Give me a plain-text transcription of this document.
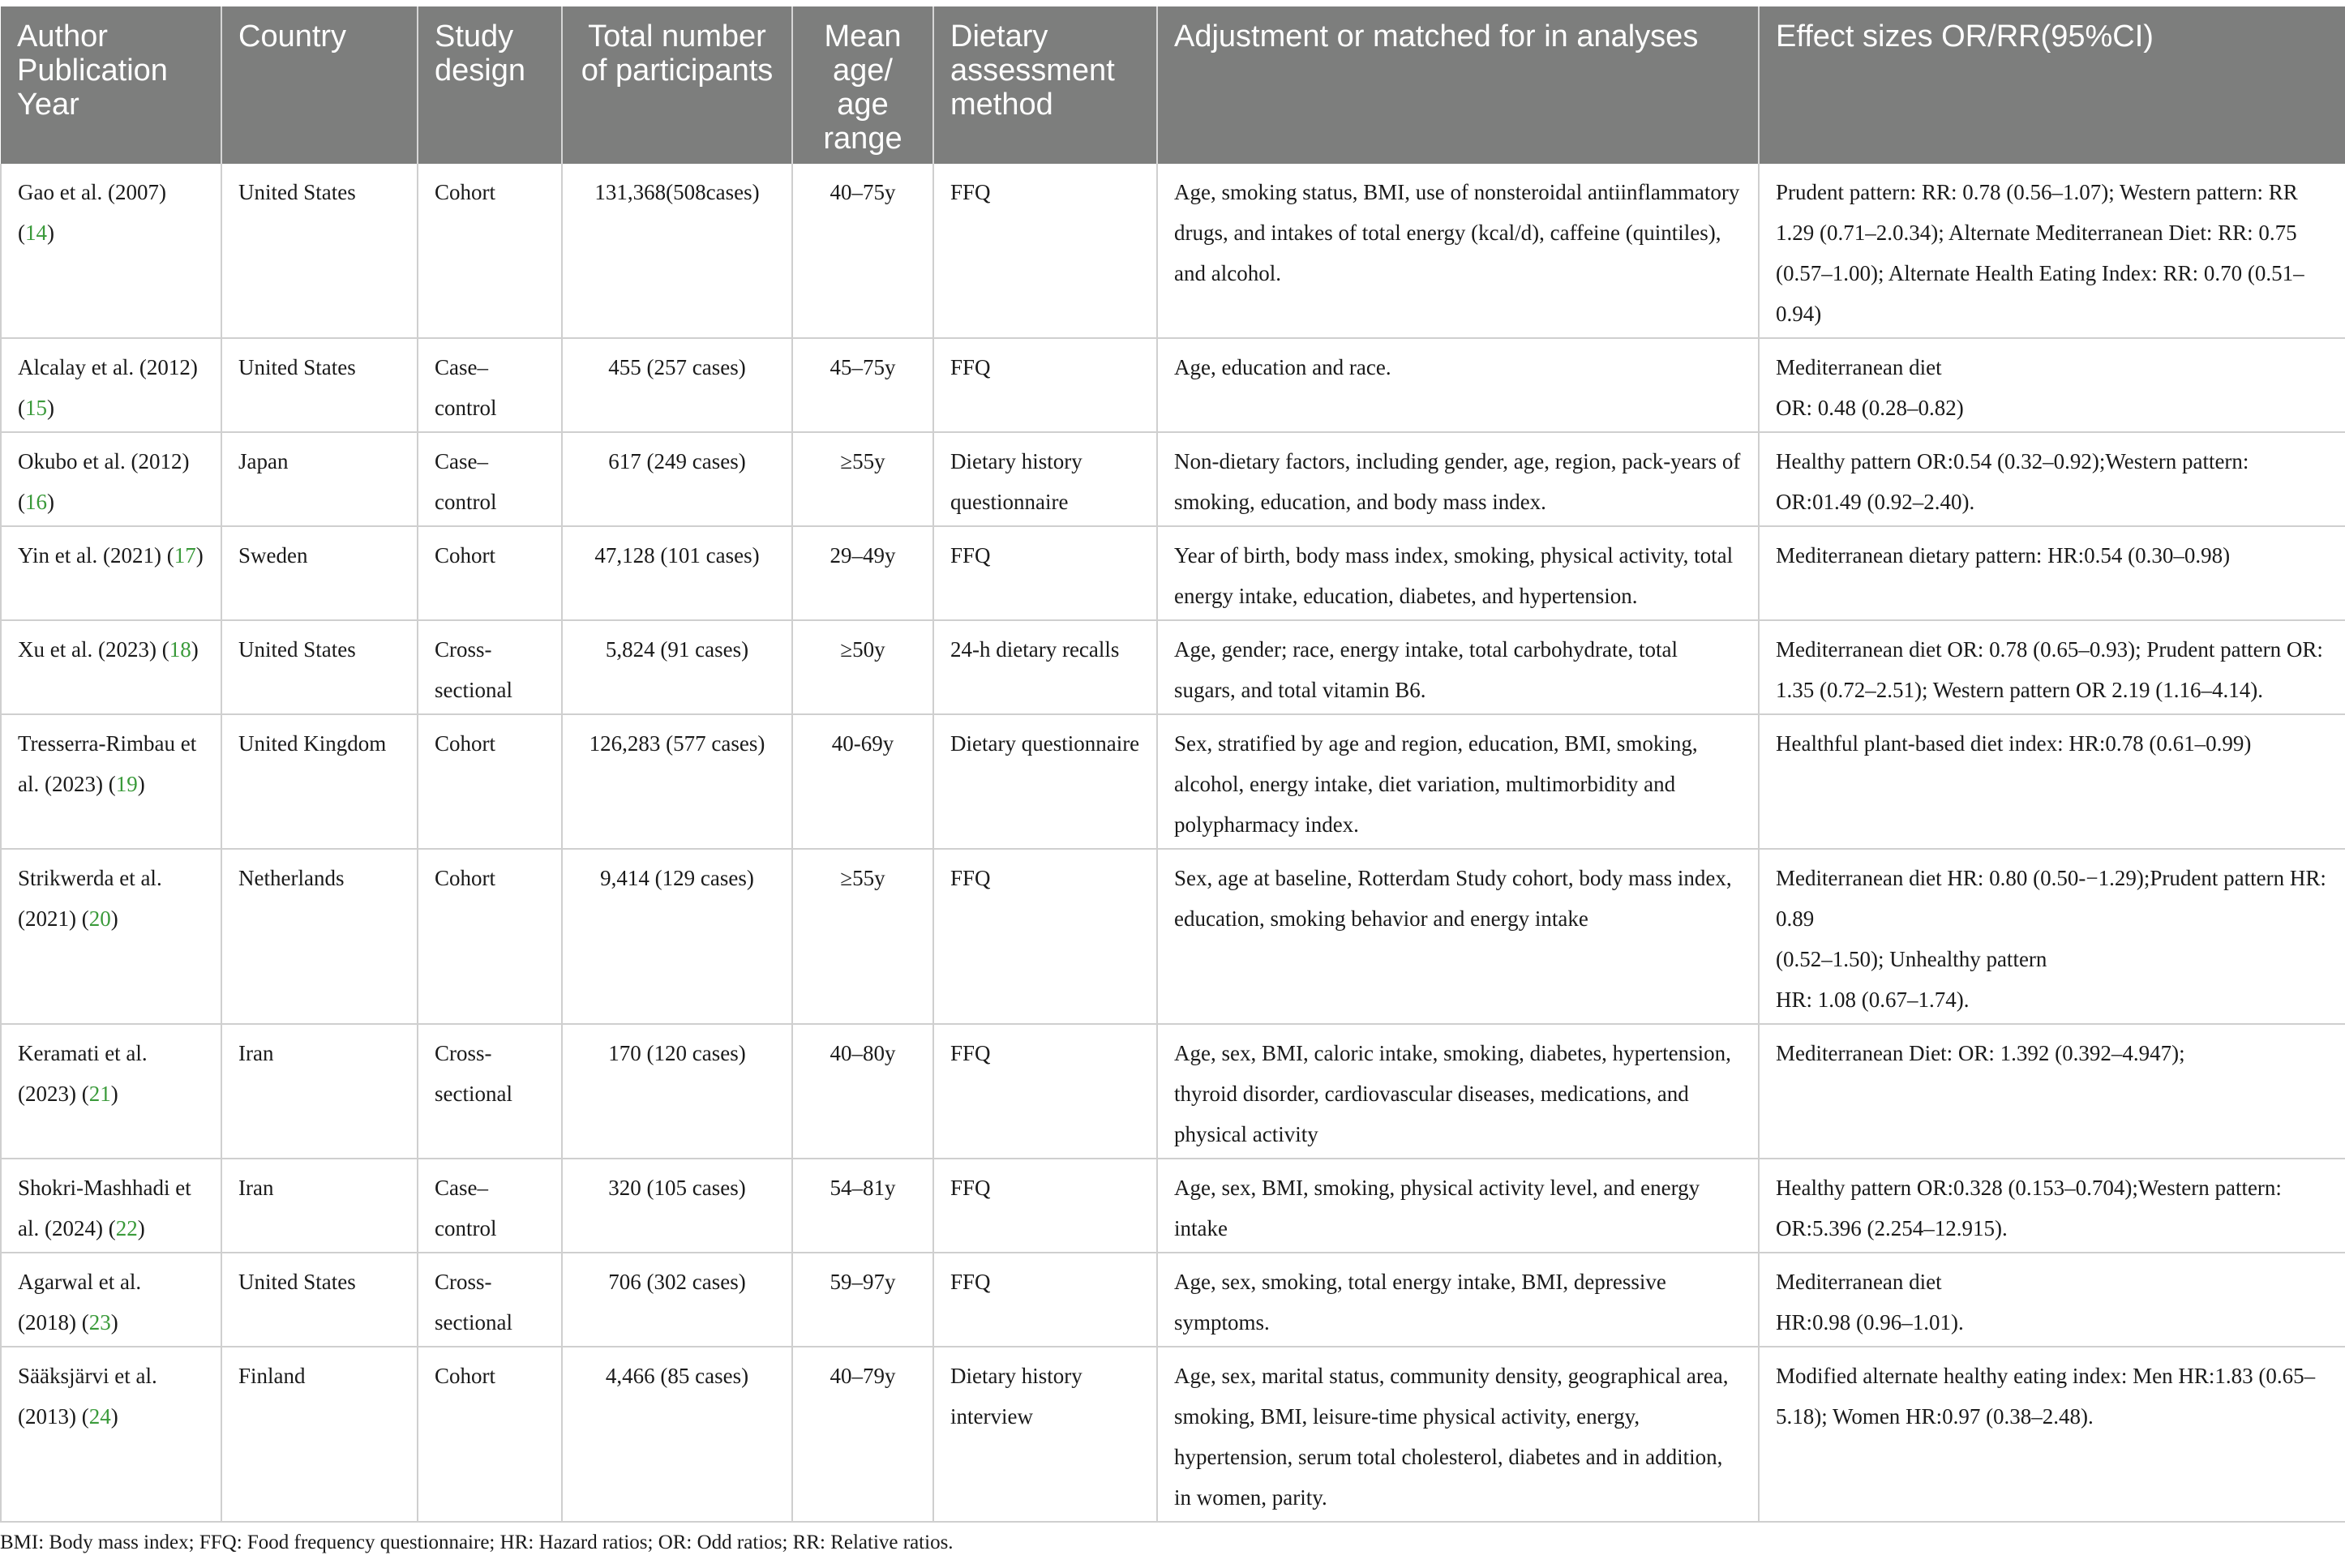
Author Publication Year	Country	Study design	Total number of participants	Mean age/ age range	Dietary assessment method	Adjustment or matched for in analyses	Effect sizes OR/RR(95%CI)
Gao et al. (2007) (14)	United States	Cohort	131,368(508cases)	40–75y	FFQ	Age, smoking status, BMI, use of nonsteroidal antiinflammatory drugs, and intakes of total energy (kcal/d), caffeine (quintiles), and alcohol.	Prudent pattern: RR: 0.78 (0.56–1.07); Western pattern: RR 1.29 (0.71–2.0.34); Alternate Mediterranean Diet: RR: 0.75 (0.57–1.00); Alternate Health Eating Index: RR: 0.70 (0.51–0.94)
Alcalay et al. (2012) (15)	United States	Case–control	455 (257 cases)	45–75y	FFQ	Age, education and race.	Mediterranean diet
OR: 0.48 (0.28–0.82)

Okubo et al. (2012) (16)	Japan	Case–control	617 (249 cases)	≥55y	Dietary history questionnaire	Non-dietary factors, including gender, age, region, pack-years of smoking, education, and body mass index.	Healthy pattern OR:0.54 (0.32–0.92);Western pattern: OR:01.49 (0.92–2.40).
Yin et al. (2021) (17)	Sweden	Cohort	47,128 (101 cases)	29–49y	FFQ	Year of birth, body mass index, smoking, physical activity, total energy intake, education, diabetes, and hypertension.	Mediterranean dietary pattern: HR:0.54 (0.30–0.98)
Xu et al. (2023) (18)	United States	Cross-sectional	5,824 (91 cases)	≥50y	24-h dietary recalls	Age, gender; race, energy intake, total carbohydrate, total sugars, and total vitamin B6.	Mediterranean diet OR: 0.78 (0.65–0.93); Prudent pattern OR: 1.35 (0.72–2.51); Western pattern OR 2.19 (1.16–4.14).
Tresserra-Rimbau et al. (2023) (19)	United Kingdom	Cohort	126,283 (577 cases)	40-69y	Dietary questionnaire	Sex, stratified by age and region, education, BMI, smoking, alcohol, energy intake, diet variation, multimorbidity and polypharmacy index.	Healthful plant-based diet index: HR:0.78 (0.61–0.99)
Strikwerda et al. (2021) (20)	Netherlands	Cohort	9,414 (129 cases)	≥55y	FFQ	Sex, age at baseline, Rotterdam Study cohort, body mass index, education, smoking behavior and energy intake	Mediterranean diet HR: 0.80 (0.50-−1.29);Prudent pattern HR: 0.89
(0.52–1.50); Unhealthy pattern
HR: 1.08 (0.67–1.74).

Keramati et al. (2023) (21)	Iran	Cross-sectional	170 (120 cases)	40–80y	FFQ	Age, sex, BMI, caloric intake, smoking, diabetes, hypertension, thyroid disorder, cardiovascular diseases, medications, and physical activity	Mediterranean Diet: OR: 1.392 (0.392–4.947);
Shokri-Mashhadi et al. (2024) (22)	Iran	Case–control	320 (105 cases)	54–81y	FFQ	Age, sex, BMI, smoking, physical activity level, and energy intake	Healthy pattern OR:0.328 (0.153–0.704);Western pattern: OR:5.396 (2.254–12.915).
Agarwal et al. (2018) (23)	United States	Cross-sectional	706 (302 cases)	59–97y	FFQ	Age, sex, smoking, total energy intake, BMI, depressive symptoms.	Mediterranean diet
HR:0.98 (0.96–1.01).

Sääksjärvi et al. (2013) (24)	Finland	Cohort	4,466 (85 cases)	40–79y	Dietary history interview	Age, sex, marital status, community density, geographical area, smoking, BMI, leisure-time physical activity, energy, hypertension, serum total cholesterol, diabetes and in addition, in women, parity.	Modified alternate healthy eating index: Men HR:1.83 (0.65–5.18); Women HR:0.97 (0.38–2.48).
BMI: Body mass index; FFQ: Food frequency questionnaire; HR: Hazard ratios; OR: Odd ratios; RR: Relative ratios.
